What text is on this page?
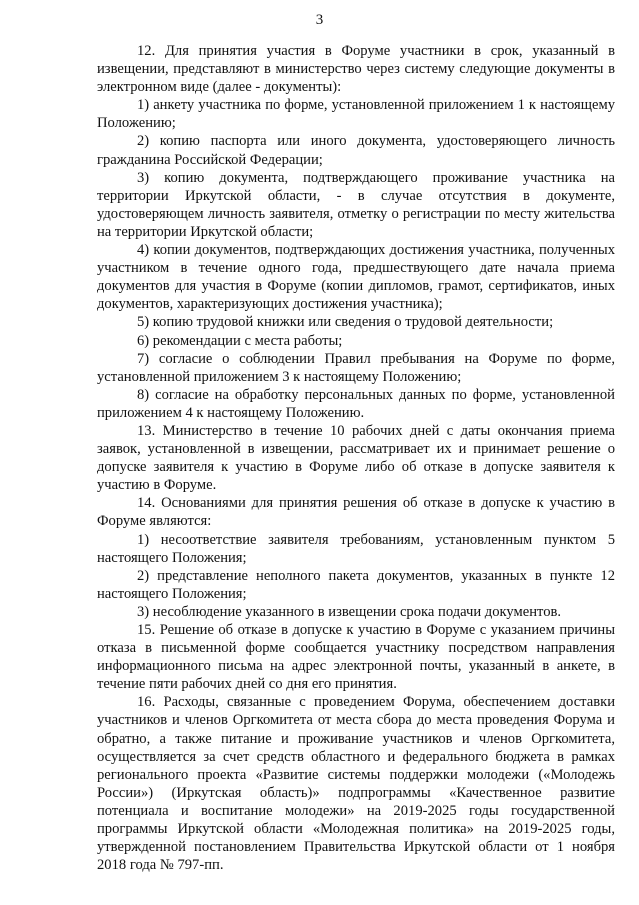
3

12. Для принятия участия в Форуме участники в срок, указанный в извещении, представляют в министерство через систему следующие документы в электронном виде (далее - документы):

1) анкету участника по форме, установленной приложением 1 к настоящему Положению;

2) копию паспорта или иного документа, удостоверяющего личность гражданина Российской Федерации;

3) копию документа, подтверждающего проживание участника на территории Иркутской области, - в случае отсутствия в документе, удостоверяющем личность заявителя, отметку о регистрации по месту жительства на территории Иркутской области;

4) копии документов, подтверждающих достижения участника, полученных участником в течение одного года, предшествующего дате начала приема документов для участия в Форуме (копии дипломов, грамот, сертификатов, иных документов, характеризующих достижения участника);

5) копию трудовой книжки или сведения о трудовой деятельности;

6) рекомендации с места работы;

7) согласие о соблюдении Правил пребывания на Форуме по форме, установленной приложением 3 к настоящему Положению;

8) согласие на обработку персональных данных по форме, установленной приложением 4 к настоящему Положению.

13. Министерство в течение 10 рабочих дней с даты окончания приема заявок, установленной в извещении, рассматривает их и принимает решение о допуске заявителя к участию в Форуме либо об отказе в допуске заявителя к участию в Форуме.

14. Основаниями для принятия решения об отказе в допуске к участию в Форуме являются:

1) несоответствие заявителя требованиям, установленным пунктом 5 настоящего Положения;

2) представление неполного пакета документов, указанных в пункте 12 настоящего Положения;

3) несоблюдение указанного в извещении срока подачи документов.

15. Решение об отказе в допуске к участию в Форуме с указанием причины отказа в письменной форме сообщается участнику посредством направления информационного письма на адрес электронной почты, указанный в анкете, в течение пяти рабочих дней со дня его принятия.

16. Расходы, связанные с проведением Форума, обеспечением доставки участников и членов Оргкомитета от места сбора до места проведения Форума и обратно, а также питание и проживание участников и членов Оргкомитета, осуществляется за счет средств областного и федерального бюджета в рамках регионального проекта «Развитие системы поддержки молодежи («Молодежь России») (Иркутская область)» подпрограммы «Качественное развитие потенциала и воспитание молодежи» на 2019-2025 годы государственной программы Иркутской области «Молодежная политика» на 2019-2025 годы, утвержденной постановлением Правительства Иркутской области от 1 ноября 2018 года № 797-пп.
